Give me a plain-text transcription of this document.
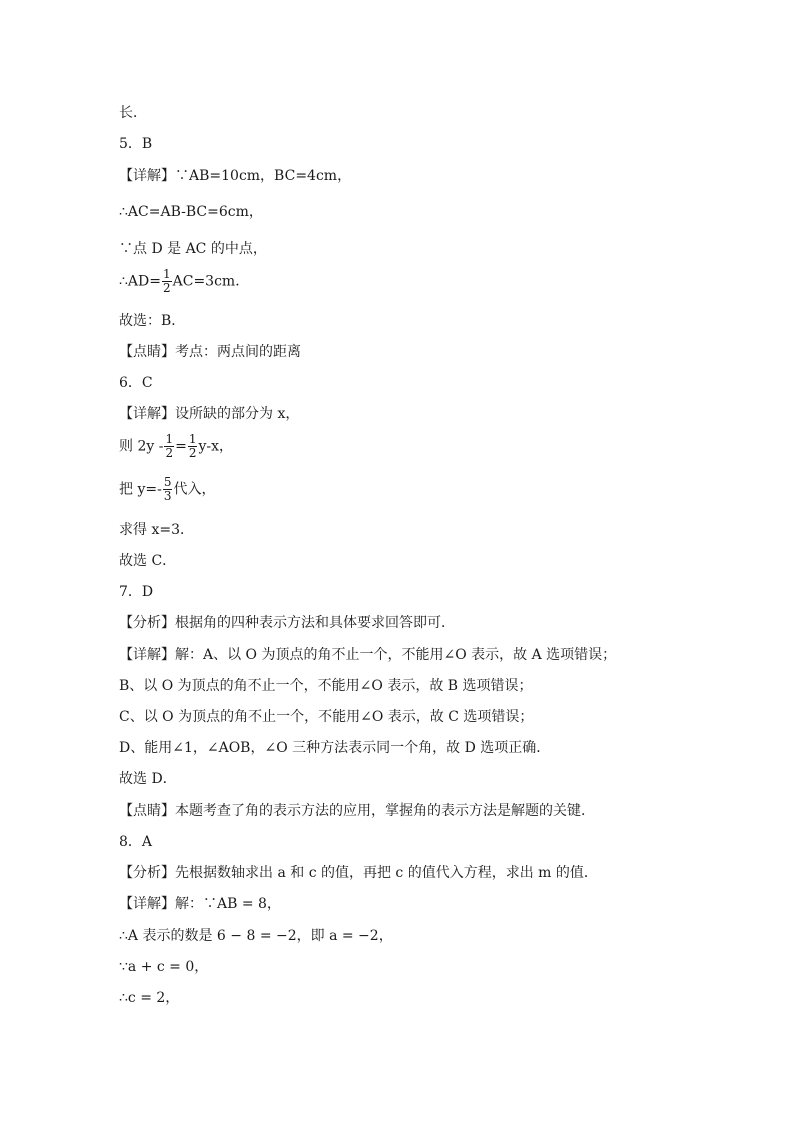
长．
5．B
【详解】∵AB=10cm，BC=4cm，
∴AC=AB-BC=6cm，
∵点 D 是 AC 的中点，
∴AD= $\frac{1}{2} AC=3cm$．
故选：B．
【点睛】考点：两点间的距离
6．C
【详解】设所缺的部分为 x，
则 $2y - \frac{1}{2} = \frac{1}{2} y-x$，
把 $y=- \frac{5}{3}$ 代入，
求得 x=3．
故选 C．
7．D
【分析】根据角的四种表示方法和具体要求回答即可．
【详解】解：A、以 O 为顶点的角不止一个，不能用∠O 表示，故 A 选项错误；
B、以 O 为顶点的角不止一个，不能用∠O 表示，故 B 选项错误；
C、以 O 为顶点的角不止一个，不能用∠O 表示，故 C 选项错误；
D、能用∠1，∠AOB，∠O 三种方法表示同一个角，故 D 选项正确．
故选 D．
【点睛】本题考查了角的表示方法的应用，掌握角的表示方法是解题的关键.
8．A
【分析】先根据数轴求出 a 和 c 的值，再把 c 的值代入方程，求出 m 的值．
【详解】解：∵AB = 8，
∴A 表示的数是 6 − 8 = −2，即 a = −2，
∵a + c = 0，
∴c = 2，
